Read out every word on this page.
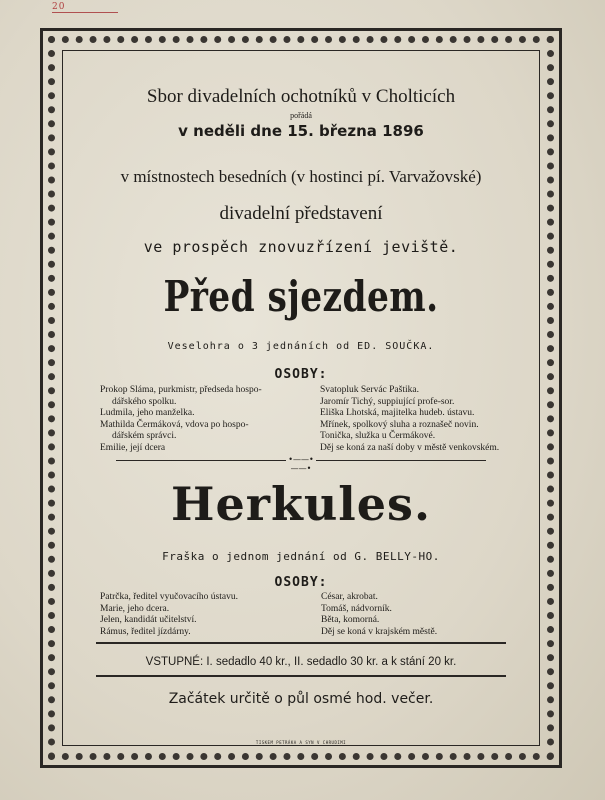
20
Sbor divadelních ochotníků v Cholticích
pořádá
v neděli dne 15. března 1896
v místnostech besedních (v hostinci pí. Varvažovské)
divadelní představení
ve prospěch znovuzřízení jeviště.
Před sjezdem.
Veselohra o 3 jednáních od ED. SOUČKA.
OSOBY:
Prokop Sláma, purkmistr, předseda hospo-
dářského spolku.
Ludmila, jeho manželka.
Mathilda Čermáková, vdova po hospo-
dářském správci.
Emilie, její dcera
Svatopluk Servác Paštika.
Jaromír Tichý, suppiující profe-sor.
Eliška Lhotská, majitelka hudeb. ústavu.
Mřínek, spolkový sluha a roznašeč novin.
Tonička, služka u Čermákové.
Děj se koná za naší doby v městě venkovském.
•——•——•
Herkules.
Fraška o jednom jednání od G. BELLY-HO.
OSOBY:
Patrčka, ředitel vyučovacího ústavu.
Marie, jeho dcera.
Jelen, kandidát učitelství.
Rámus, ředitel jízdárny.
César, akrobat.
Tomáš, nádvorník.
Běta, komorná.
Děj se koná v krajském městě.
VSTUPNÉ: I. sedadlo 40 kr., II. sedadlo 30 kr. a k stání 20 kr.
Začátek určitě o půl osmé hod. večer.
TISKEM PETRÁKA A SYN V CHRUDIMI
